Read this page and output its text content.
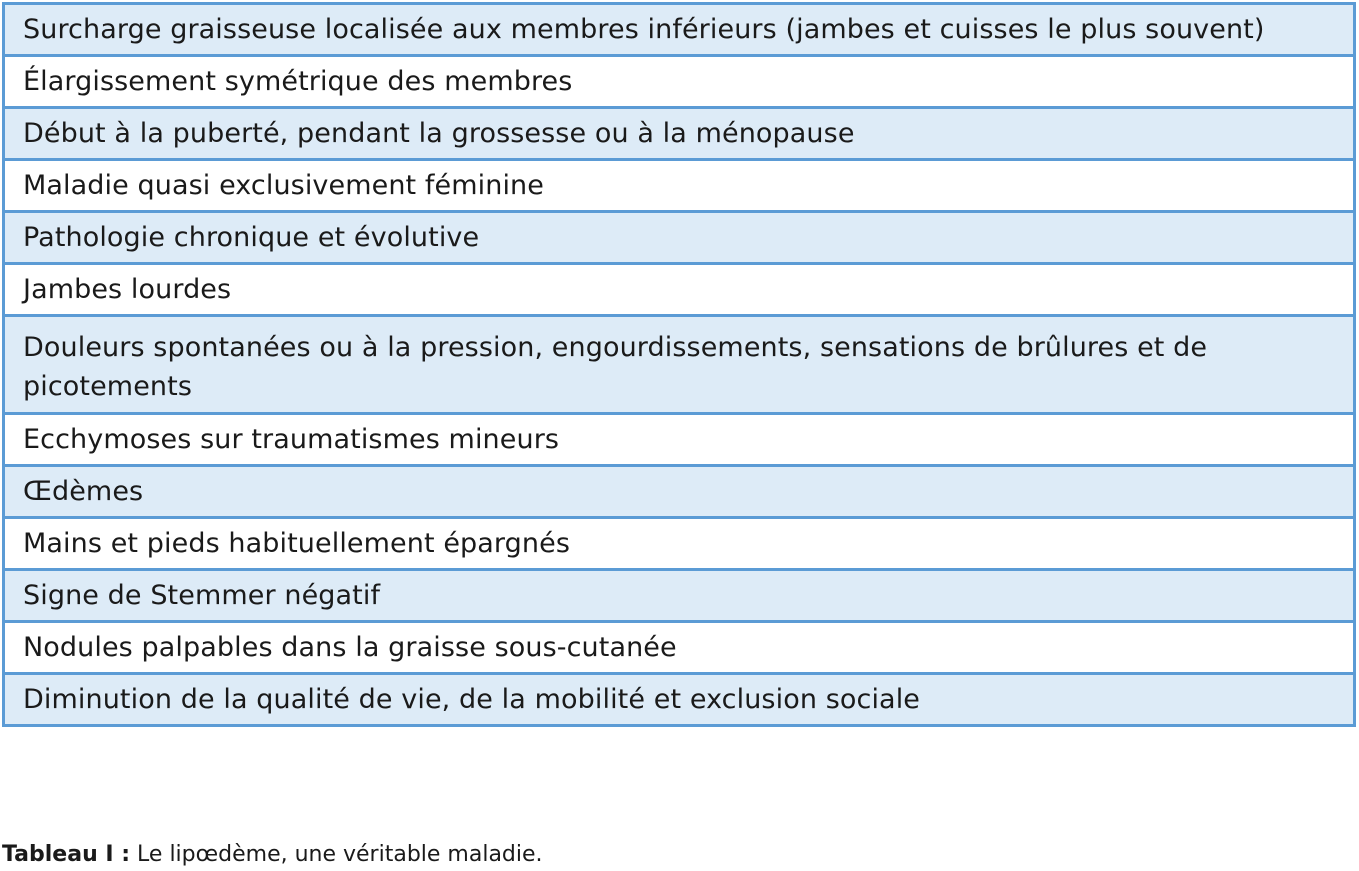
Surcharge graisseuse localisée aux membres inférieurs (jambes et cuisses le plus souvent)
Élargissement symétrique des membres
Début à la puberté, pendant la grossesse ou à la ménopause
Maladie quasi exclusivement féminine
Pathologie chronique et évolutive
Jambes lourdes
Douleurs spontanées ou à la pression, engourdissements, sensations de brûlures et de picotements
Ecchymoses sur traumatismes mineurs
Œdèmes
Mains et pieds habituellement épargnés
Signe de Stemmer négatif
Nodules palpables dans la graisse sous-cutanée
Diminution de la qualité de vie, de la mobilité et exclusion sociale
Tableau I : Le lipœdème, une véritable maladie.
